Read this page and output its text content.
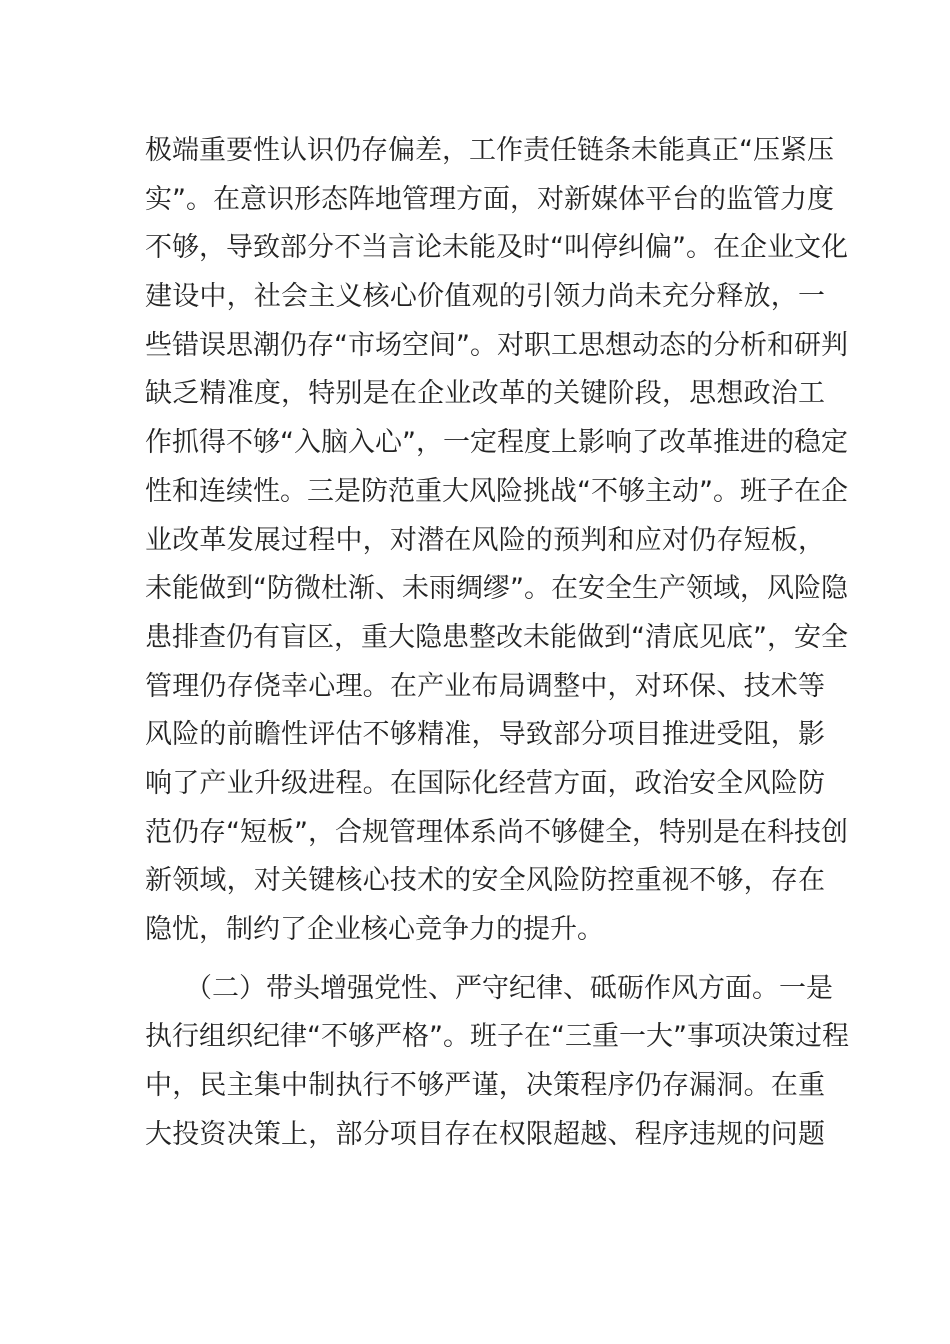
极端重要性认识仍存偏差，工作责任链条未能真正“压紧压
实”。在意识形态阵地管理方面，对新媒体平台的监管力度
不够，导致部分不当言论未能及时“叫停纠偏”。在企业文化
建设中，社会主义核心价值观的引领力尚未充分释放，一
些错误思潮仍存“市场空间”。对职工思想动态的分析和研判
缺乏精准度，特别是在企业改革的关键阶段，思想政治工
作抓得不够“入脑入心”，一定程度上影响了改革推进的稳定
性和连续性。三是防范重大风险挑战“不够主动”。班子在企
业改革发展过程中，对潜在风险的预判和应对仍存短板，
未能做到“防微杜渐、未雨绸缪”。在安全生产领域，风险隐
患排查仍有盲区，重大隐患整改未能做到“清底见底”，安全
管理仍存侥幸心理。在产业布局调整中，对环保、技术等
风险的前瞻性评估不够精准，导致部分项目推进受阻，影
响了产业升级进程。在国际化经营方面，政治安全风险防
范仍存“短板”，合规管理体系尚不够健全，特别是在科技创
新领域，对关键核心技术的安全风险防控重视不够，存在
隐忧，制约了企业核心竞争力的提升。
（二）带头增强党性、严守纪律、砥砺作风方面。一是
执行组织纪律“不够严格”。班子在“三重一大”事项决策过程
中，民主集中制执行不够严谨，决策程序仍存漏洞。在重
大投资决策上，部分项目存在权限超越、程序违规的问题
